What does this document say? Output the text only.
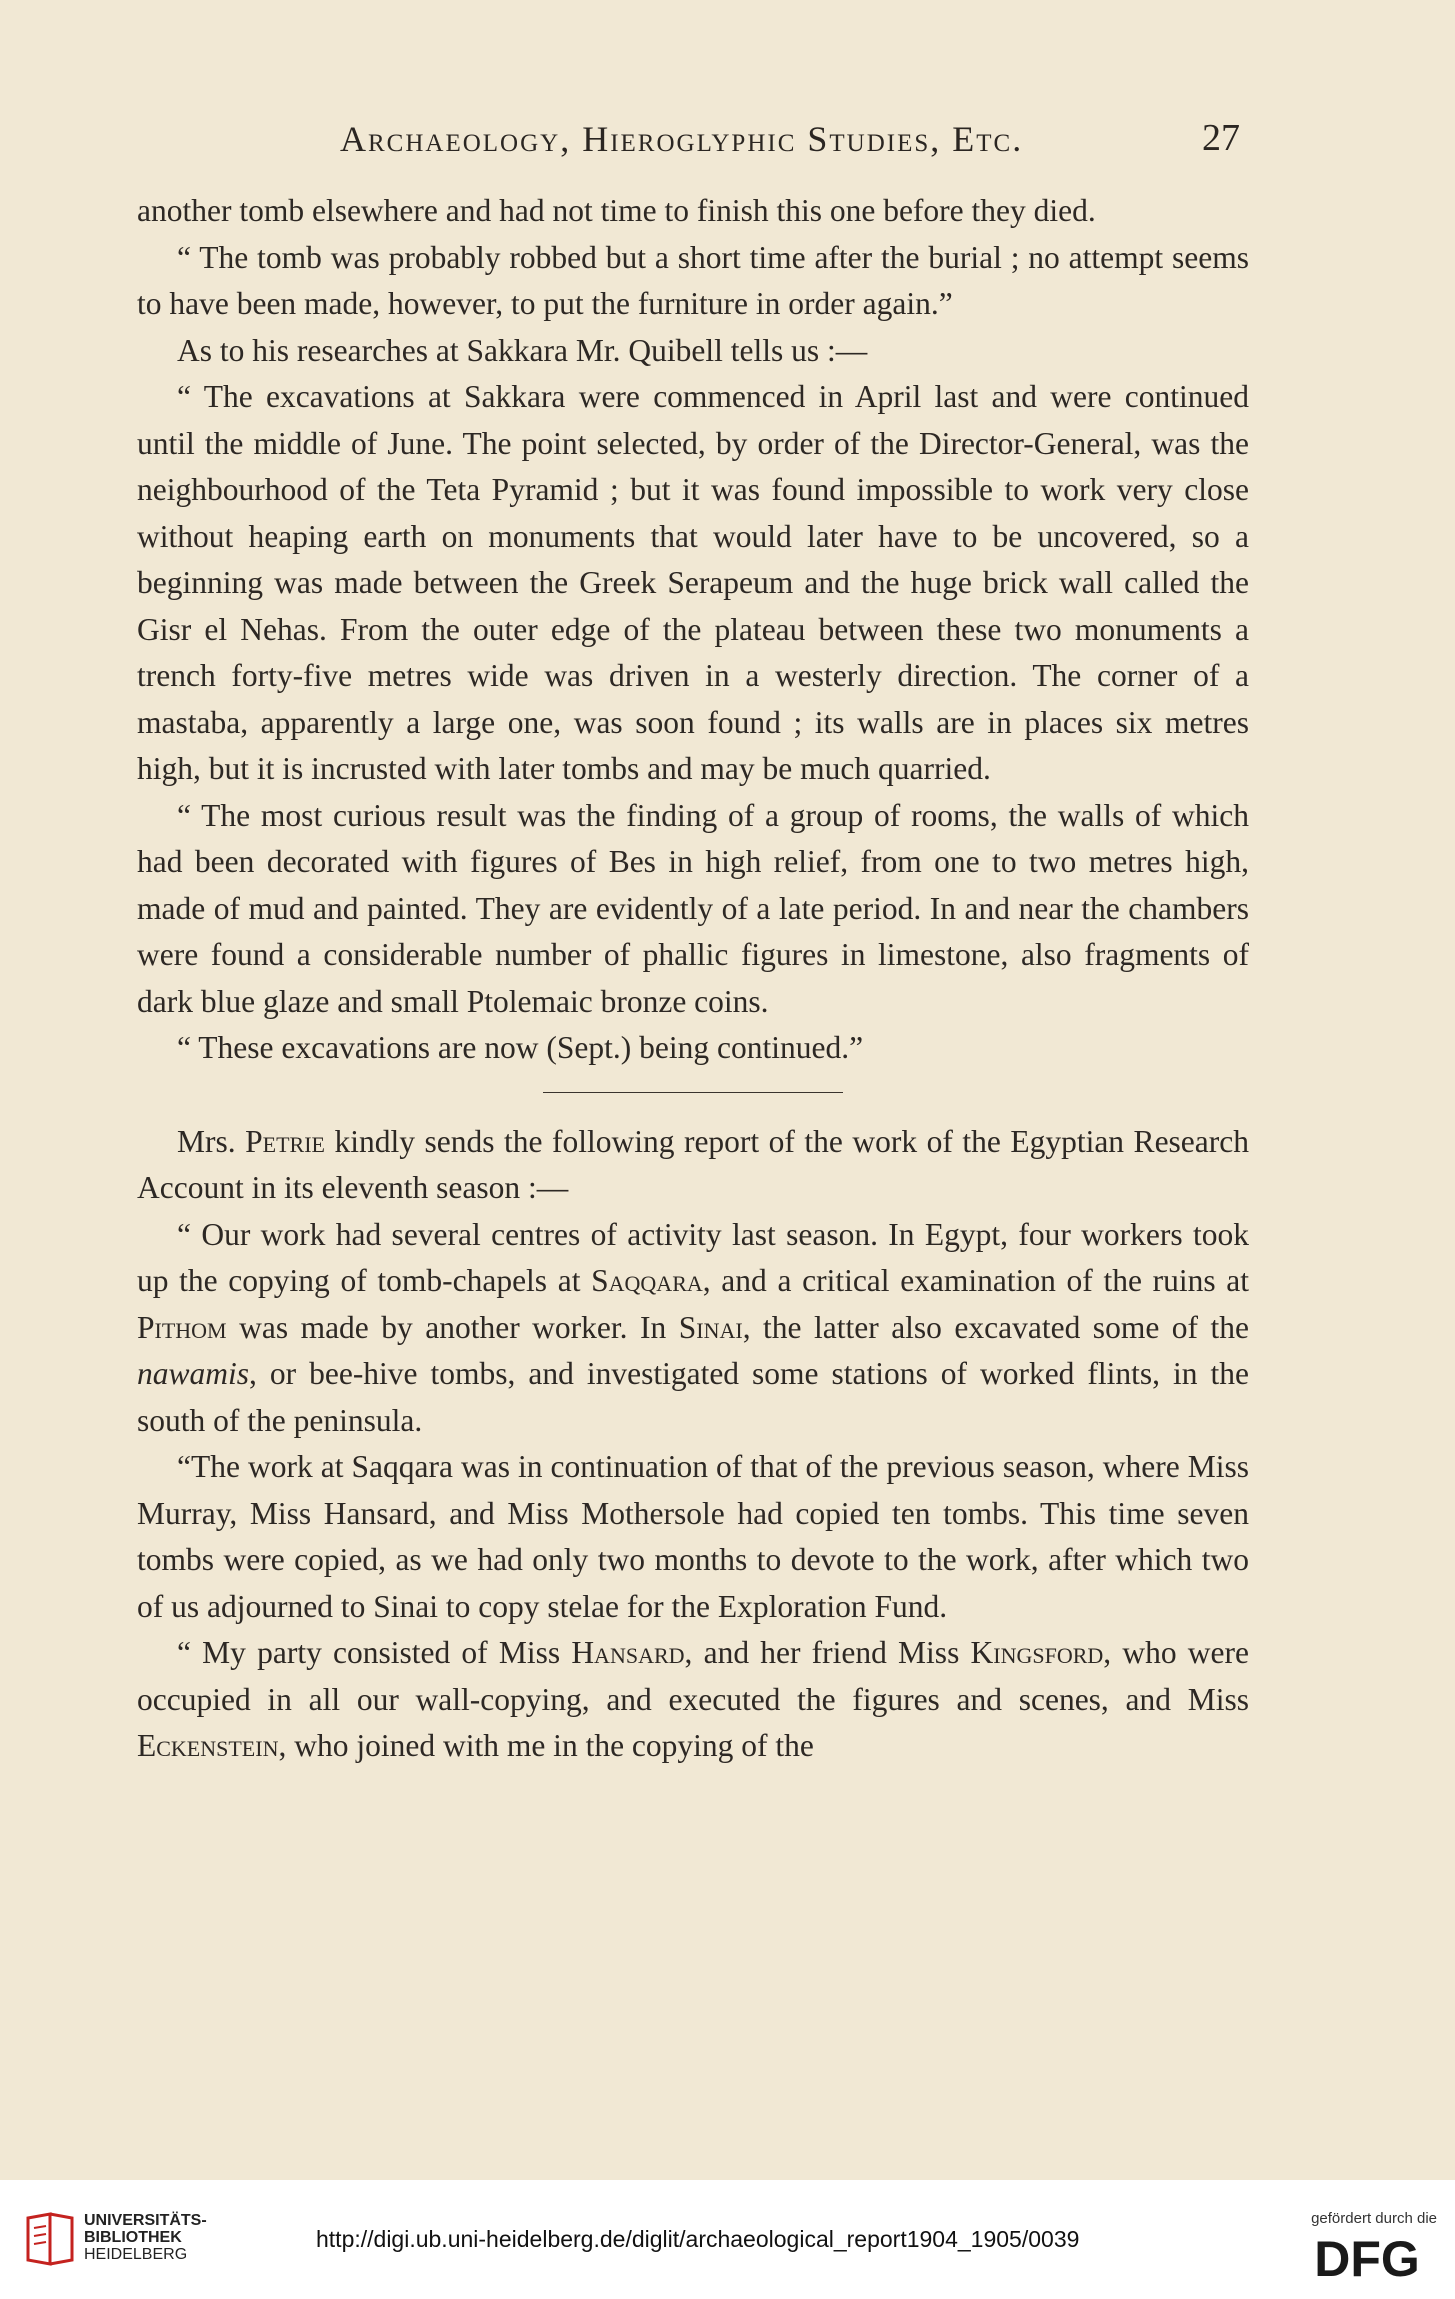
Archaeology, Hieroglyphic Studies, Etc.	27

another tomb elsewhere and had not time to finish this one before they died.

“ The tomb was probably robbed but a short time after the burial ; no attempt seems to have been made, however, to put the furniture in order again.”

As to his researches at Sakkara Mr. Quibell tells us :—

“ The excavations at Sakkara were commenced in April last and were continued until the middle of June. The point selected, by order of the Director-General, was the neighbourhood of the Teta Pyramid ; but it was found impossible to work very close without heaping earth on monuments that would later have to be uncovered, so a beginning was made between the Greek Serapeum and the huge brick wall called the Gisr el Nehas. From the outer edge of the plateau between these two monuments a trench forty-five metres wide was driven in a westerly direction. The corner of a mastaba, apparently a large one, was soon found ; its walls are in places six metres high, but it is incrusted with later tombs and may be much quarried.

“ The most curious result was the finding of a group of rooms, the walls of which had been decorated with figures of Bes in high relief, from one to two metres high, made of mud and painted. They are evidently of a late period. In and near the chambers were found a considerable number of phallic figures in limestone, also fragments of dark blue glaze and small Ptolemaic bronze coins.

“ These excavations are now (Sept.) being continued.”

Mrs. Petrie kindly sends the following report of the work of the Egyptian Research Account in its eleventh season :—

“ Our work had several centres of activity last season. In Egypt, four workers took up the copying of tomb-chapels at Saqqara, and a critical examination of the ruins at Pithom was made by another worker. In Sinai, the latter also excavated some of the nawamis, or bee-hive tombs, and investigated some stations of worked flints, in the south of the peninsula.

“The work at Saqqara was in continuation of that of the previous season, where Miss Murray, Miss Hansard, and Miss Mothersole had copied ten tombs. This time seven tombs were copied, as we had only two months to devote to the work, after which two of us adjourned to Sinai to copy stelae for the Exploration Fund.

“ My party consisted of Miss Hansard, and her friend Miss Kingsford, who were occupied in all our wall-copying, and executed the figures and scenes, and Miss Eckenstein, who joined with me in the copying of the

UNIVERSITÄTS-
BIBLIOTHEK
HEIDELBERG
http://digi.ub.uni-heidelberg.de/diglit/archaeological_report1904_1905/0039
gefördert durch die
DFG
